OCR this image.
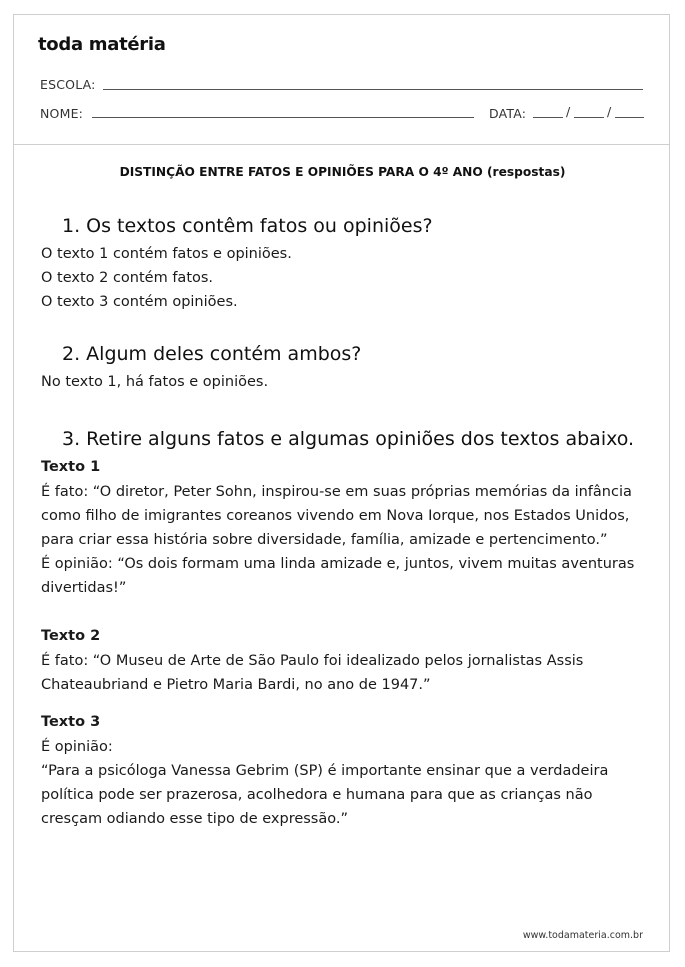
toda matéria
ESCOLA:
NOME:	DATA:	/	/
DISTINÇÃO ENTRE FATOS E OPINIÕES PARA O 4º ANO (respostas)
1. Os textos contêm fatos ou opiniões?
O texto 1 contém fatos e opiniões.
O texto 2 contém fatos.
O texto 3 contém opiniões.
2. Algum deles contém ambos?
No texto 1, há fatos e opiniões.
3. Retire alguns fatos e algumas opiniões dos textos abaixo.
Texto 1
É fato: “O diretor, Peter Sohn, inspirou-se em suas próprias memórias da infância
como filho de imigrantes coreanos vivendo em Nova Iorque, nos Estados Unidos,
para criar essa história sobre diversidade, família, amizade e pertencimento.”
É opinião: “Os dois formam uma linda amizade e, juntos, vivem muitas aventuras
divertidas!”
Texto 2
É fato: “O Museu de Arte de São Paulo foi idealizado pelos jornalistas Assis
Chateaubriand e Pietro Maria Bardi, no ano de 1947.”
Texto 3
É opinião:
“Para a psicóloga Vanessa Gebrim (SP) é importante ensinar que a verdadeira
política pode ser prazerosa, acolhedora e humana para que as crianças não
cresçam odiando esse tipo de expressão.”
www.todamateria.com.br
